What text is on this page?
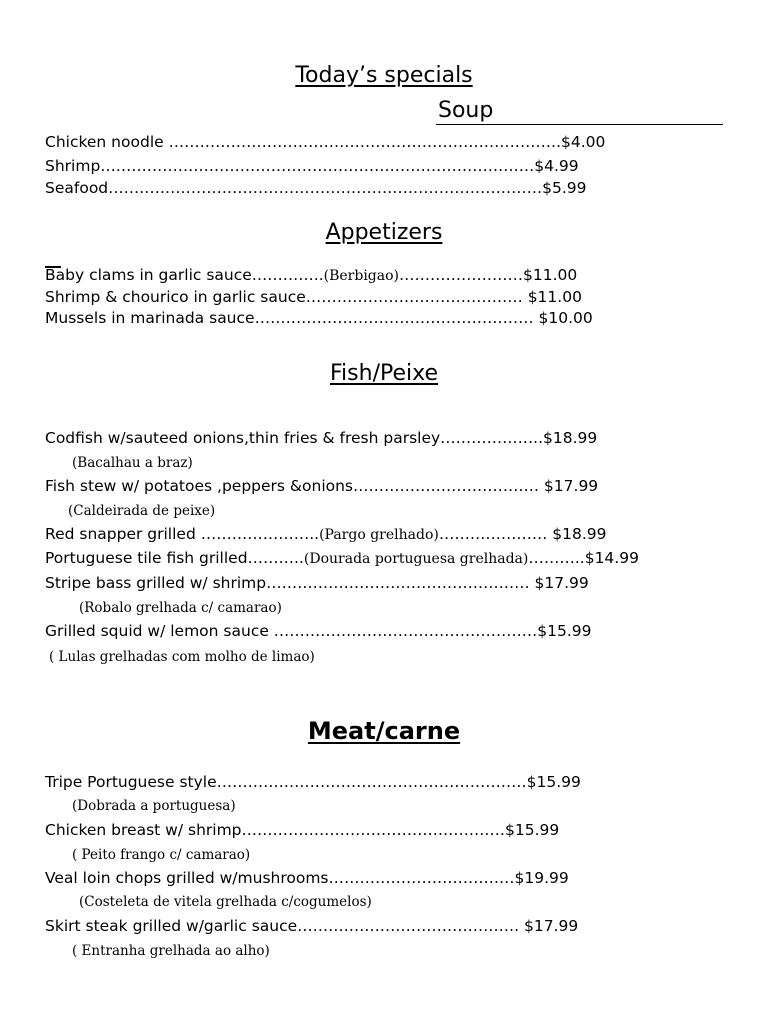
Today’s specials
Soup
Chicken noodle ………………………………………………………………….$4.00
Shrimp…………………………………………………………………………$4.99
Seafood…………………………………………………………………………$5.99
Appetizers
Baby clams in garlic sauce…………..(Berbigao)……………………$11.00
Shrimp & chourico in garlic sauce…………………………………… $11.00
Mussels in marinada sauce……………………………………………… $10.00
Fish/Peixe
Codfish w/sauteed onions,thin fries & fresh parsley………………..$18.99
(Bacalhau a braz)
Fish stew w/ potatoes ,peppers &onions……………………………… $17.99
(Caldeirada de peixe)
Red snapper grilled …………………..(Pargo grelhado)………………… $18.99
Portuguese tile fish grilled………..(Dourada portuguesa grelhada)………..$14.99
Stripe bass grilled w/ shrimp…………………………………………… $17.99
(Robalo grelhada c/ camarao)
Grilled squid w/ lemon sauce ……………………………………………$15.99
( Lulas grelhadas com molho de limao)
Meat/carne
Tripe Portuguese style……………………………………………………$15.99
(Dobrada a portuguesa)
Chicken breast w/ shrimp……………………………………………$15.99
( Peito frango c/ camarao)
Veal loin chops grilled w/mushrooms………………………………$19.99
(Costeleta de vitela grelhada c/cogumelos)
Skirt steak grilled w/garlic sauce……………………………………. $17.99
( Entranha grelhada ao alho)
